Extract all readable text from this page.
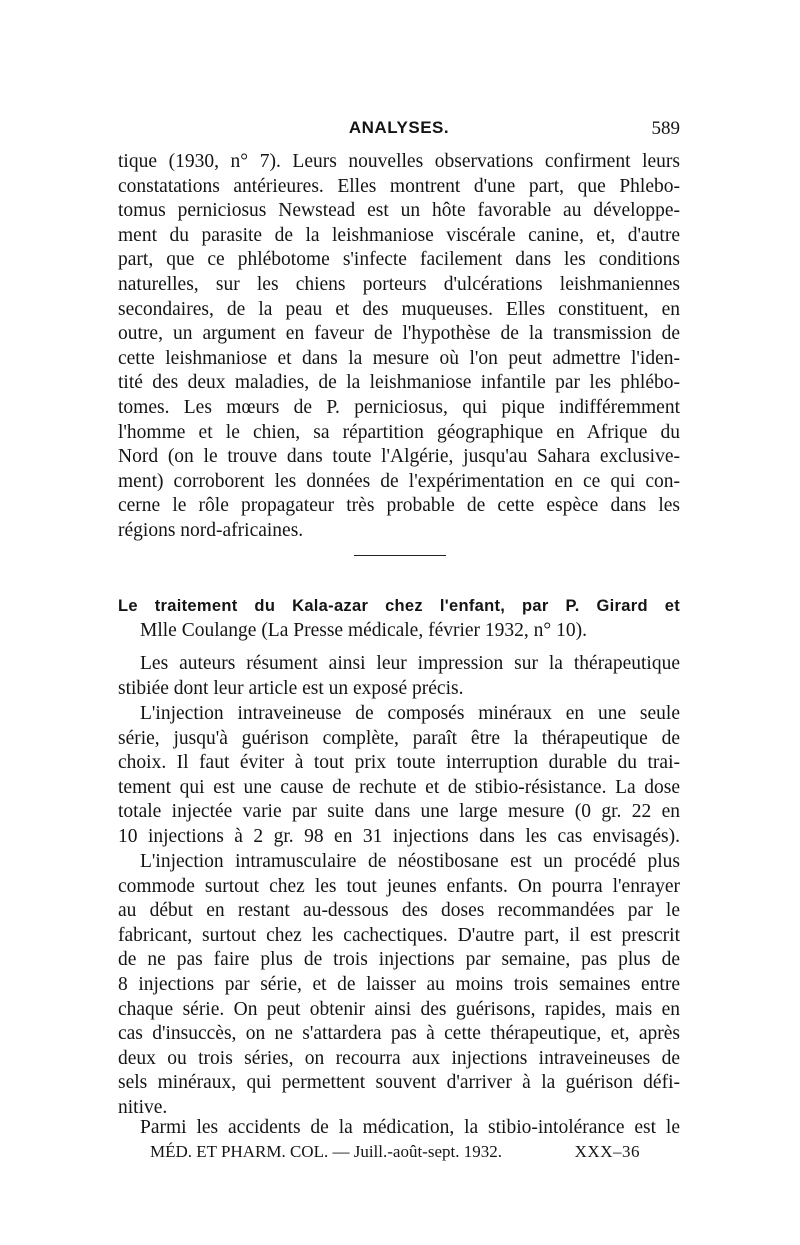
ANALYSES.	589
tique (1930, n° 7). Leurs nouvelles observations confirment leurs
constatations antérieures. Elles montrent d'une part, que Phlebo-
tomus perniciosus Newstead est un hôte favorable au développe-
ment du parasite de la leishmaniose viscérale canine, et, d'autre
part, que ce phlébotome s'infecte facilement dans les conditions
naturelles, sur les chiens porteurs d'ulcérations leishmaniennes
secondaires, de la peau et des muqueuses. Elles constituent, en
outre, un argument en faveur de l'hypothèse de la transmission de
cette leishmaniose et dans la mesure où l'on peut admettre l'iden-
tité des deux maladies, de la leishmaniose infantile par les phlébo-
tomes. Les mœurs de P. perniciosus, qui pique indifféremment
l'homme et le chien, sa répartition géographique en Afrique du
Nord (on le trouve dans toute l'Algérie, jusqu'au Sahara exclusive-
ment) corroborent les données de l'expérimentation en ce qui con-
cerne le rôle propagateur très probable de cette espèce dans les
régions nord-africaines.
Le traitement du Kala-azar chez l'enfant, par P. Girard et
Mlle Coulange (La Presse médicale, février 1932, n° 10).
Les auteurs résument ainsi leur impression sur la thérapeutique
stibiée dont leur article est un exposé précis.
L'injection intraveineuse de composés minéraux en une seule
série, jusqu'à guérison complète, paraît être la thérapeutique de
choix. Il faut éviter à tout prix toute interruption durable du trai-
tement qui est une cause de rechute et de stibio-résistance. La dose
totale injectée varie par suite dans une large mesure (0 gr. 22 en
10 injections à 2 gr. 98 en 31 injections dans les cas envisagés).
L'injection intramusculaire de néostibosane est un procédé plus
commode surtout chez les tout jeunes enfants. On pourra l'enrayer
au début en restant au-dessous des doses recommandées par le
fabricant, surtout chez les cachectiques. D'autre part, il est prescrit
de ne pas faire plus de trois injections par semaine, pas plus de
8 injections par série, et de laisser au moins trois semaines entre
chaque série. On peut obtenir ainsi des guérisons, rapides, mais en
cas d'insuccès, on ne s'attardera pas à cette thérapeutique, et, après
deux ou trois séries, on recourra aux injections intraveineuses de
sels minéraux, qui permettent souvent d'arriver à la guérison défi-
nitive.
Parmi les accidents de la médication, la stibio-intolérance est le
MÉD. ET PHARM. COL. — Juill.-août-sept. 1932.	XXX–36
